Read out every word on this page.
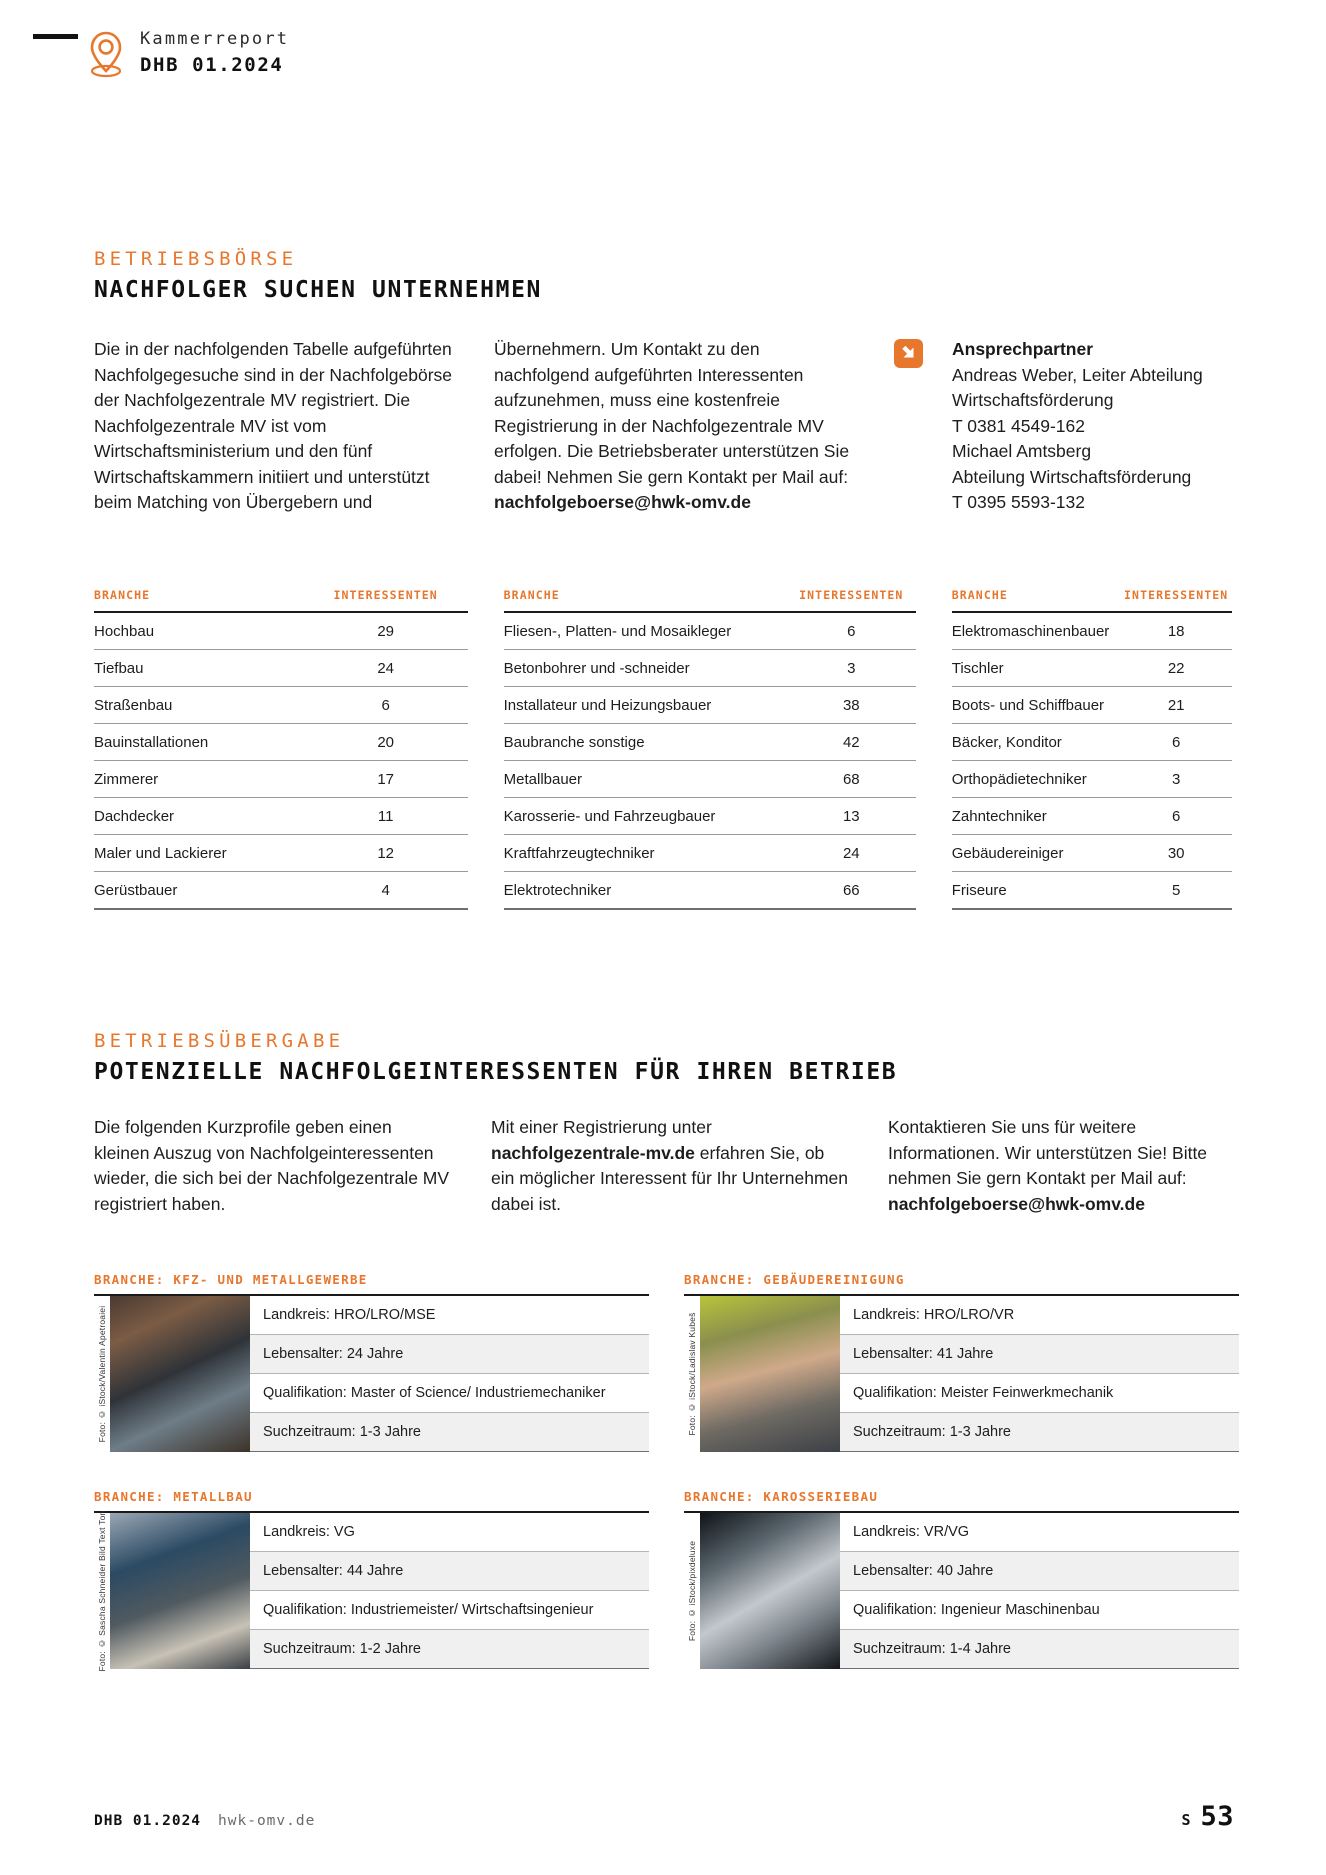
Kammerreport
DHB 01.2024
BETRIEBSBÖRSE
NACHFOLGER SUCHEN UNTERNEHMEN
Die in der nachfolgenden Tabelle aufgeführten Nachfolgegesuche sind in der Nachfolgebörse der Nachfolgezentrale MV registriert. Die Nachfolgezentrale MV ist vom Wirtschaftsministerium und den fünf Wirtschaftskammern initiiert und unterstützt beim Matching von Übergebern und
Übernehmern. Um Kontakt zu den nachfolgend aufgeführten Interessenten aufzunehmen, muss eine kostenfreie Registrierung in der Nachfolgezentrale MV erfolgen. Die Betriebsberater unterstützen Sie dabei! Nehmen Sie gern Kontakt per Mail auf: nachfolgeboerse@hwk-omv.de
Ansprechpartner
Andreas Weber, Leiter Abteilung
Wirtschaftsförderung
T 0381 4549-162
Michael Amtsberg
Abteilung Wirtschaftsförderung
T 0395 5593-132
BRANCHE	INTERESSENTEN
Hochbau	29
Tiefbau	24
Straßenbau	6
Bauinstallationen	20
Zimmerer	17
Dachdecker	11
Maler und Lackierer	12
Gerüstbauer	4
BRANCHE	INTERESSENTEN
Fliesen-, Platten- und Mosaikleger	6
Betonbohrer und -schneider	3
Installateur und Heizungsbauer	38
Baubranche sonstige	42
Metallbauer	68
Karosserie- und Fahrzeugbauer	13
Kraftfahrzeugtechniker	24
Elektrotechniker	66
BRANCHE	INTERESSENTEN
Elektromaschinenbauer	18
Tischler	22
Boots- und Schiffbauer	21
Bäcker, Konditor	6
Orthopädietechniker	3
Zahntechniker	6
Gebäudereiniger	30
Friseure	5
BETRIEBSÜBERGABE
POTENZIELLE NACHFOLGEINTERESSENTEN FÜR IHREN BETRIEB
Die folgenden Kurzprofile geben einen kleinen Auszug von Nachfolgeinteressenten wieder, die sich bei der Nachfolgezentrale MV registriert haben.
Mit einer Registrierung unter nachfolgezentrale-mv.de erfahren Sie, ob ein möglicher Interessent für Ihr Unternehmen dabei ist.
Kontaktieren Sie uns für weitere Informationen. Wir unterstützen Sie! Bitte nehmen Sie gern Kontakt per Mail auf: nachfolgeboerse@hwk-omv.de
BRANCHE: KFZ- UND METALLGEWERBE
Foto: © iStock/Valentin Apetroaiei	Landkreis: HRO/LRO/MSE
Lebensalter: 24 Jahre
Qualifikation: Master of Science/ Industriemechaniker
Suchzeitraum: 1-3 Jahre
BRANCHE: GEBÄUDEREINIGUNG
Foto: © iStock/Ladislav Kubeš	Landkreis: HRO/LRO/VR
Lebensalter: 41 Jahre
Qualifikation: Meister Feinwerkmechanik
Suchzeitraum: 1-3 Jahre
BRANCHE: METALLBAU
Foto: © Sascha Schneider Bild Text Ton	Landkreis: VG
Lebensalter: 44 Jahre
Qualifikation: Industriemeister/ Wirtschaftsingenieur
Suchzeitraum: 1-2 Jahre
BRANCHE: KAROSSERIEBAU
Foto: © iStock/pixdeluxe
Landkreis: VR/VG
Lebensalter: 40 Jahre
Qualifikation: Ingenieur Maschinenbau
Suchzeitraum: 1-4 Jahre
DHB 01.2024 hwk-omv.de	S 53
